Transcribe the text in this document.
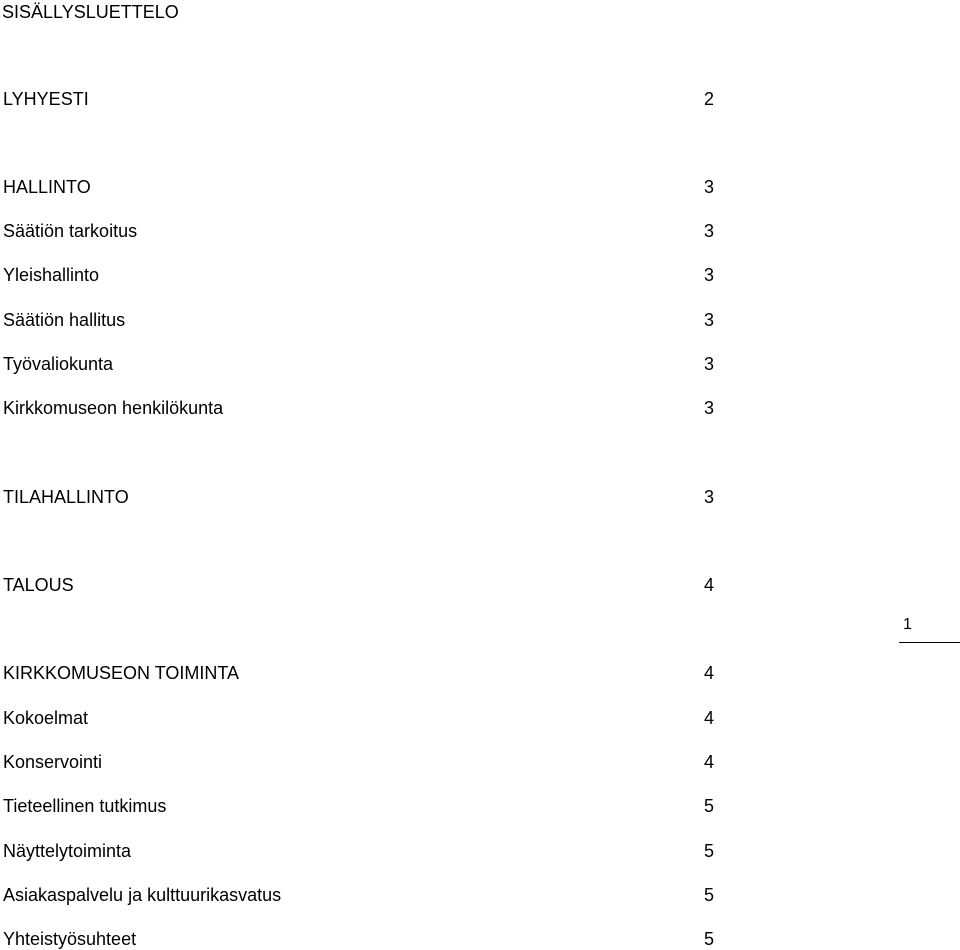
SISÄLLYSLUETTELO
LYHYESTI	2
HALLINTO	3
Säätiön tarkoitus	3
Yleishallinto	3
Säätiön hallitus	3
Työvaliokunta	3
Kirkkomuseon henkilökunta	3
TILAHALLINTO	3
TALOUS	4
KIRKKOMUSEON TOIMINTA	4
Kokoelmat	4
Konservointi	4
Tieteellinen tutkimus	5
Näyttelytoiminta	5
Asiakaspalvelu ja kulttuurikasvatus	5
Yhteistyösuhteet	5
1
